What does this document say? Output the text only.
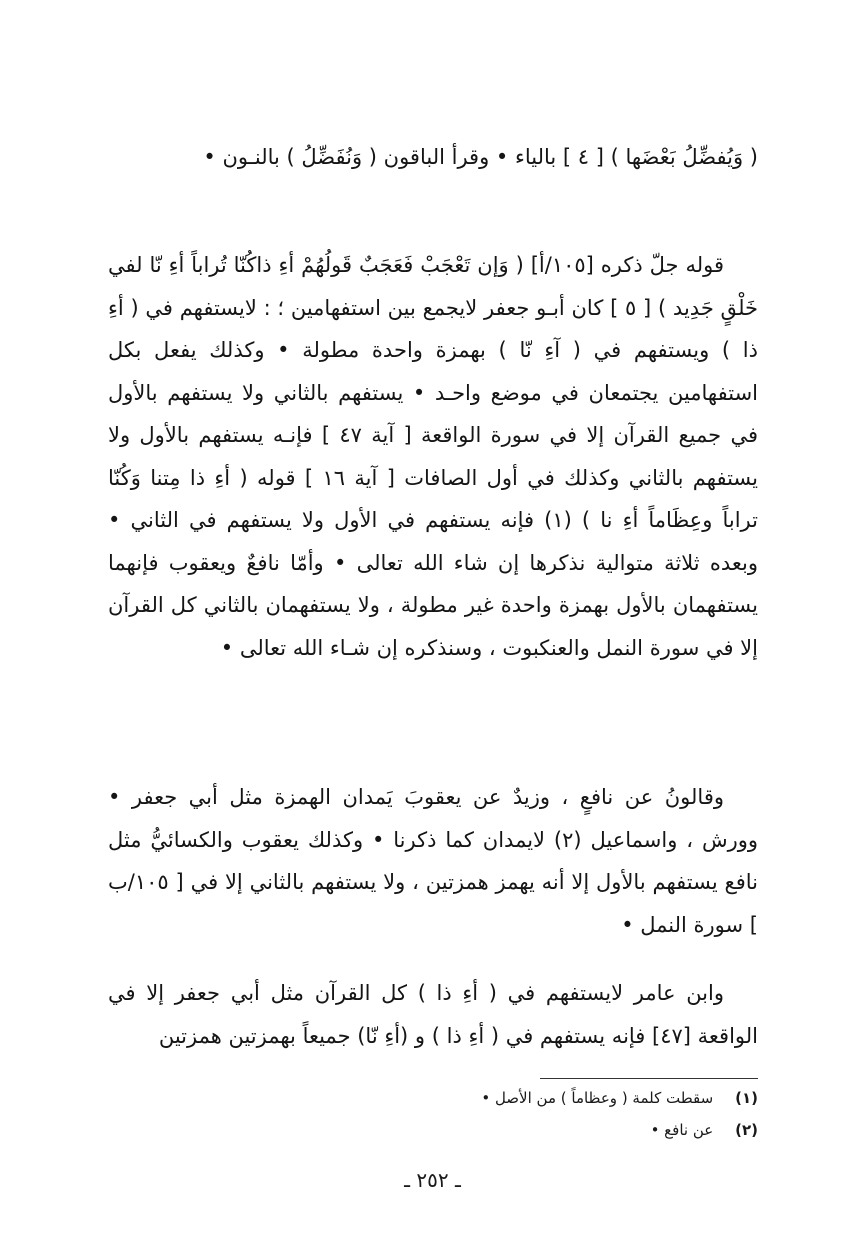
( وَيُفضِّلُ بَعْضَها ) [ ٤ ] بالياء • وقرأ الباقون ( وَنُفَضِّلُ ) بالنـون •

قوله جلّ ذكره [١٠٥/أ] ( وَإن تَعْجَبْ فَعَجَبٌ قَولُهُمْ أءِ ذاكُنّا تُراباً أءِ نّا لفي خَلْقٍ جَدِيد ) [ ٥ ] كان أبـو جعفر لايجمع بين استفهامين ؛ : لايستفهم في ( أءِ ذا ) ويستفهم في ( آءِ نّا ) بهمزة واحدة مطولة • وكذلك يفعل بكل استفهامين يجتمعان في موضع واحـد • يستفهم بالثاني ولا يستفهم بالأول في جميع القرآن إلا في سورة الواقعة [ آية ٤٧ ] فإنـه يستفهم بالأول ولا يستفهم بالثاني وكذلك في أول الصافات [ آية ١٦ ] قوله ( أءِ ذا مِتنا وَكُنّا تراباً وعِظَاماً أءِ نا ) (١) فإنه يستفهم في الأول ولا يستفهم في الثاني • وبعده ثلاثة متوالية نذكرها إن شاء الله تعالى • وأمّا نافعٌ ويعقوب فإنهما يستفهمان بالأول بهمزة واحدة غير مطولة ، ولا يستفهمان بالثاني كل القرآن إلا في سورة النمل والعنكبوت ، وسنذكره إن شـاء الله تعالى •

وقالونُ عن نافعٍ ، وزيدٌ عن يعقوبَ يَمدان الهمزة مثل أبي جعفر • وورش ، واسماعيل (٢) لايمدان كما ذكرنا • وكذلك يعقوب والكسائيُّ مثل نافع يستفهم بالأول إلا أنه يهمز همزتين ، ولا يستفهم بالثاني إلا في [ ١٠٥/ب ] سورة النمل •

وابن عامر لايستفهم في ( أءِ ذا ) كل القرآن مثل أبي جعفر إلا في الواقعة [٤٧] فإنه يستفهم في ( أءِ ذا ) و (أءِ نّا) جميعاً بهمزتين همزتين

(١) سقطت كلمة ( وعظاماً ) من الأصل •
(٢) عن نافع •
ـ ٢٥٢ ـ
